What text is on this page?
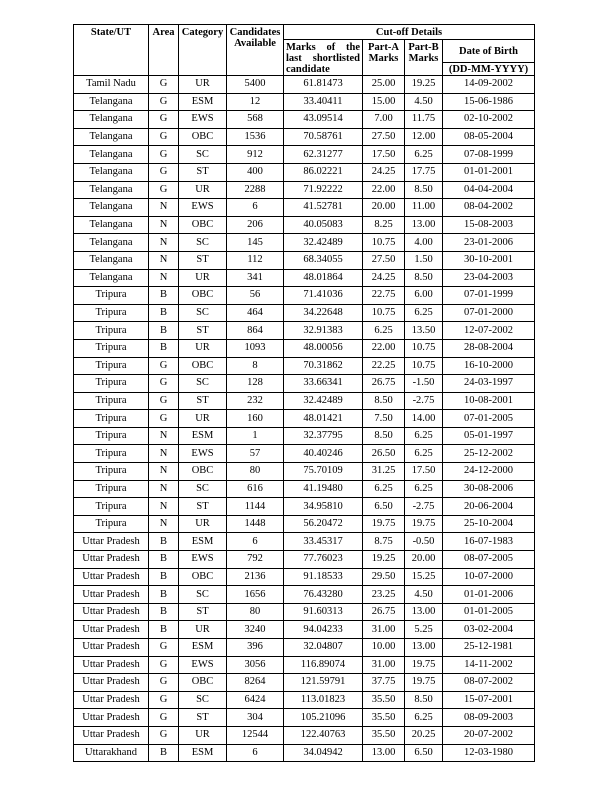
State/UT	Area	Category	Candidates Available	Cut-off Details			

				Marks of the
last shortlisted
candidate	Part-A Marks	Part-B Marks	Date of Birth
							(DD-MM-YYYY)
Tamil Nadu	G	UR	5400	61.81473	25.00	19.25	14-09-2002
Telangana	G	ESM	12	33.40411	15.00	4.50	15-06-1986
Telangana	G	EWS	568	43.09514	7.00	11.75	02-10-2002
Telangana	G	OBC	1536	70.58761	27.50	12.00	08-05-2004
Telangana	G	SC	912	62.31277	17.50	6.25	07-08-1999
Telangana	G	ST	400	86.02221	24.25	17.75	01-01-2001
Telangana	G	UR	2288	71.92222	22.00	8.50	04-04-2004
Telangana	N	EWS	6	41.52781	20.00	11.00	08-04-2002
Telangana	N	OBC	206	40.05083	8.25	13.00	15-08-2003
Telangana	N	SC	145	32.42489	10.75	4.00	23-01-2006
Telangana	N	ST	112	68.34055	27.50	1.50	30-10-2001
Telangana	N	UR	341	48.01864	24.25	8.50	23-04-2003
Tripura	B	OBC	56	71.41036	22.75	6.00	07-01-1999
Tripura	B	SC	464	34.22648	10.75	6.25	07-01-2000
Tripura	B	ST	864	32.91383	6.25	13.50	12-07-2002
Tripura	B	UR	1093	48.00056	22.00	10.75	28-08-2004
Tripura	G	OBC	8	70.31862	22.25	10.75	16-10-2000
Tripura	G	SC	128	33.66341	26.75	-1.50	24-03-1997
Tripura	G	ST	232	32.42489	8.50	-2.75	10-08-2001
Tripura	G	UR	160	48.01421	7.50	14.00	07-01-2005
Tripura	N	ESM	1	32.37795	8.50	6.25	05-01-1997
Tripura	N	EWS	57	40.40246	26.50	6.25	25-12-2002
Tripura	N	OBC	80	75.70109	31.25	17.50	24-12-2000
Tripura	N	SC	616	41.19480	6.25	6.25	30-08-2006
Tripura	N	ST	1144	34.95810	6.50	-2.75	20-06-2004
Tripura	N	UR	1448	56.20472	19.75	19.75	25-10-2004
Uttar Pradesh	B	ESM	6	33.45317	8.75	-0.50	16-07-1983
Uttar Pradesh	B	EWS	792	77.76023	19.25	20.00	08-07-2005
Uttar Pradesh	B	OBC	2136	91.18533	29.50	15.25	10-07-2000
Uttar Pradesh	B	SC	1656	76.43280	23.25	4.50	01-01-2006
Uttar Pradesh	B	ST	80	91.60313	26.75	13.00	01-01-2005
Uttar Pradesh	B	UR	3240	94.04233	31.00	5.25	03-02-2004
Uttar Pradesh	G	ESM	396	32.04807	10.00	13.00	25-12-1981
Uttar Pradesh	G	EWS	3056	116.89074	31.00	19.75	14-11-2002
Uttar Pradesh	G	OBC	8264	121.59791	37.75	19.75	08-07-2002
Uttar Pradesh	G	SC	6424	113.01823	35.50	8.50	15-07-2001
Uttar Pradesh	G	ST	304	105.21096	35.50	6.25	08-09-2003
Uttar Pradesh	G	UR	12544	122.40763	35.50	20.25	20-07-2002
Uttarakhand	B	ESM	6	34.04942	13.00	6.50	12-03-1980
